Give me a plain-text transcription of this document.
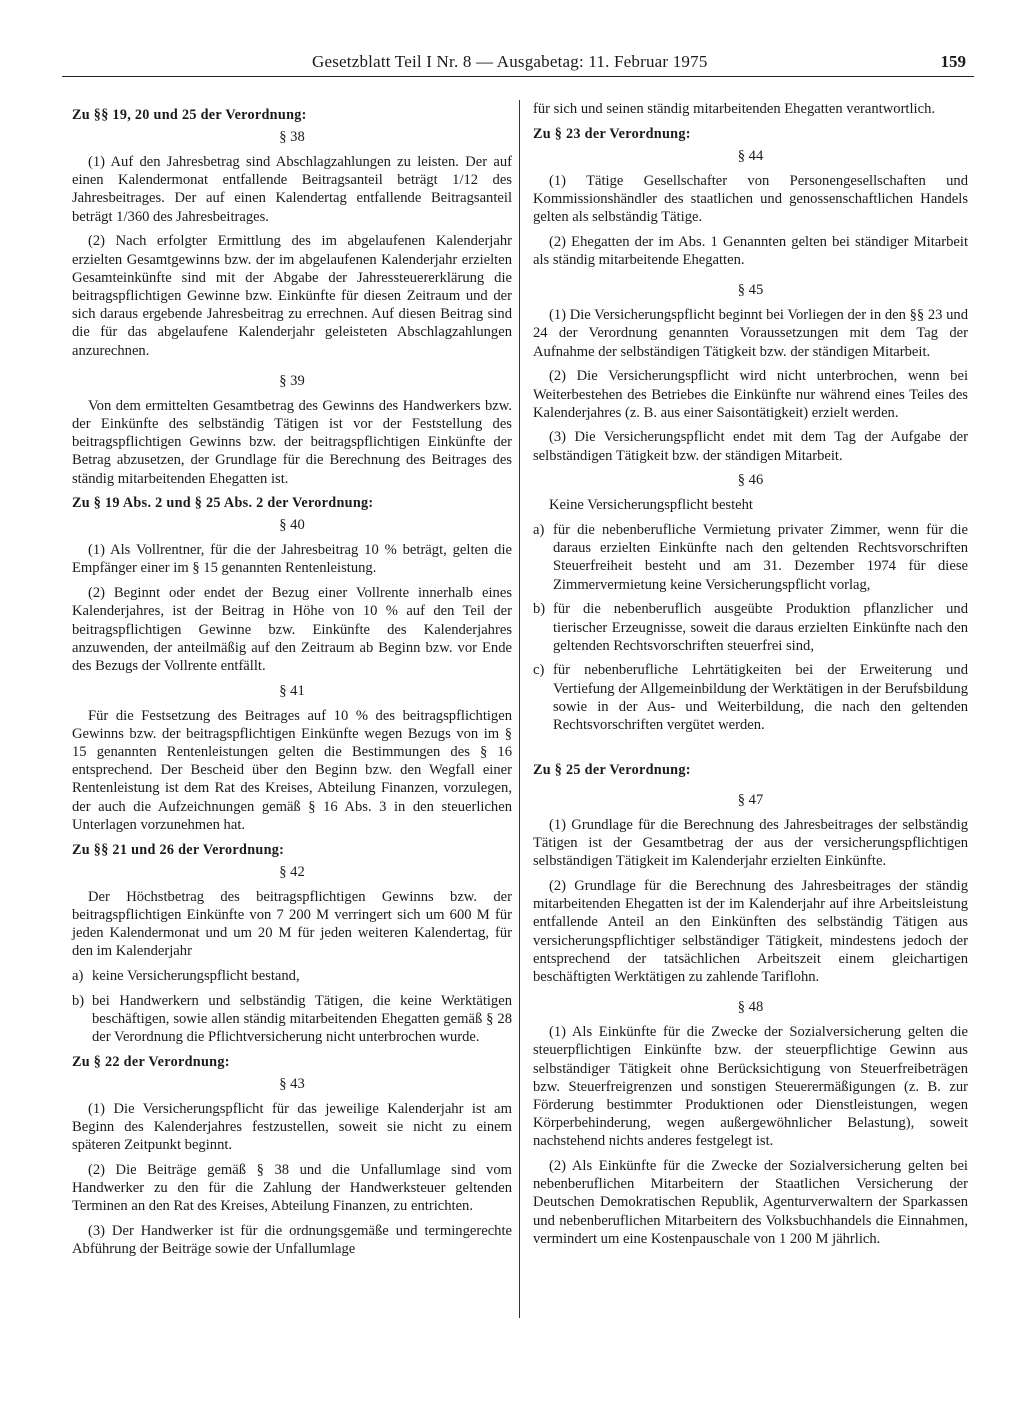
Gesetzblatt Teil I Nr. 8 — Ausgabetag: 11. Februar 1975	159
Zu §§ 19, 20 und 25 der Verordnung:
§ 38

(1) Auf den Jahresbetrag sind Abschlagzahlungen zu leisten. Der auf einen Kalendermonat entfallende Beitragsanteil beträgt 1/12 des Jahresbeitrages. Der auf einen Kalendertag entfallende Beitragsanteil beträgt 1/360 des Jahresbeitrages.

(2) Nach erfolgter Ermittlung des im abgelaufenen Kalenderjahr erzielten Gesamtgewinns bzw. der im abgelaufenen Kalenderjahr erzielten Gesamteinkünfte sind mit der Abgabe der Jahressteuererklärung die beitragspflichtigen Gewinne bzw. Einkünfte für diesen Zeitraum und der sich daraus ergebende Jahresbeitrag zu errechnen. Auf diesen Beitrag sind die für das abgelaufene Kalenderjahr geleisteten Abschlagzahlungen anzurechnen.

§ 39

Von dem ermittelten Gesamtbetrag des Gewinns des Handwerkers bzw. der Einkünfte des selbständig Tätigen ist vor der Feststellung des beitragspflichtigen Gewinns bzw. der beitragspflichtigen Einkünfte der Betrag abzusetzen, der Grundlage für die Berechnung des Beitrages des ständig mitarbeitenden Ehegatten ist.

Zu § 19 Abs. 2 und § 25 Abs. 2 der Verordnung:
§ 40

(1) Als Vollrentner, für die der Jahresbeitrag 10 % beträgt, gelten die Empfänger einer im § 15 genannten Rentenleistung.

(2) Beginnt oder endet der Bezug einer Vollrente innerhalb eines Kalenderjahres, ist der Beitrag in Höhe von 10 % auf den Teil der beitragspflichtigen Gewinne bzw. Einkünfte des Kalenderjahres anzuwenden, der anteilmäßig auf den Zeitraum ab Beginn bzw. vor Ende des Bezugs der Vollrente entfällt.

§ 41

Für die Festsetzung des Beitrages auf 10 % des beitragspflichtigen Gewinns bzw. der beitragspflichtigen Einkünfte wegen Bezugs von im § 15 genannten Rentenleistungen gelten die Bestimmungen des § 16 entsprechend. Der Bescheid über den Beginn bzw. den Wegfall einer Rentenleistung ist dem Rat des Kreises, Abteilung Finanzen, vorzulegen, der auch die Aufzeichnungen gemäß § 16 Abs. 3 in den steuerlichen Unterlagen vorzunehmen hat.

Zu §§ 21 und 26 der Verordnung:
§ 42

Der Höchstbetrag des beitragspflichtigen Gewinns bzw. der beitragspflichtigen Einkünfte von 7 200 M verringert sich um 600 M für jeden Kalendermonat und um 20 M für jeden weiteren Kalendertag, für den im Kalenderjahr

a) keine Versicherungspflicht bestand,
b) bei Handwerkern und selbständig Tätigen, die keine Werktätigen beschäftigen, sowie allen ständig mitarbeitenden Ehegatten gemäß § 28 der Verordnung die Pflichtversicherung nicht unterbrochen wurde.
Zu § 22 der Verordnung:
§ 43

(1) Die Versicherungspflicht für das jeweilige Kalenderjahr ist am Beginn des Kalenderjahres festzustellen, soweit sie nicht zu einem späteren Zeitpunkt beginnt.

(2) Die Beiträge gemäß § 38 und die Unfallumlage sind vom Handwerker zu den für die Zahlung der Handwerksteuer geltenden Terminen an den Rat des Kreises, Abteilung Finanzen, zu entrichten.

(3) Der Handwerker ist für die ordnungsgemäße und termingerechte Abführung der Beiträge sowie der Unfallumlage

für sich und seinen ständig mitarbeitenden Ehegatten verantwortlich.

Zu § 23 der Verordnung:
§ 44

(1) Tätige Gesellschafter von Personengesellschaften und Kommissionshändler des staatlichen und genossenschaftlichen Handels gelten als selbständig Tätige.

(2) Ehegatten der im Abs. 1 Genannten gelten bei ständiger Mitarbeit als ständig mitarbeitende Ehegatten.

§ 45

(1) Die Versicherungspflicht beginnt bei Vorliegen der in den §§ 23 und 24 der Verordnung genannten Voraussetzungen mit dem Tag der Aufnahme der selbständigen Tätigkeit bzw. der ständigen Mitarbeit.

(2) Die Versicherungspflicht wird nicht unterbrochen, wenn bei Weiterbestehen des Betriebes die Einkünfte nur während eines Teiles des Kalenderjahres (z. B. aus einer Saisontätigkeit) erzielt werden.

(3) Die Versicherungspflicht endet mit dem Tag der Aufgabe der selbständigen Tätigkeit bzw. der ständigen Mitarbeit.

§ 46

Keine Versicherungspflicht besteht

a) für die nebenberufliche Vermietung privater Zimmer, wenn für die daraus erzielten Einkünfte nach den geltenden Rechtsvorschriften Steuerfreiheit besteht und am 31. Dezember 1974 für diese Zimmervermietung keine Versicherungspflicht vorlag,
b) für die nebenberuflich ausgeübte Produktion pflanzlicher und tierischer Erzeugnisse, soweit die daraus erzielten Einkünfte nach den geltenden Rechtsvorschriften steuerfrei sind,
c) für nebenberufliche Lehrtätigkeiten bei der Erweiterung und Vertiefung der Allgemeinbildung der Werktätigen in der Berufsbildung sowie in der Aus- und Weiterbildung, die nach den geltenden Rechtsvorschriften vergütet werden.
Zu § 25 der Verordnung:
§ 47

(1) Grundlage für die Berechnung des Jahresbeitrages der selbständig Tätigen ist der Gesamtbetrag der aus der versicherungspflichtigen selbständigen Tätigkeit im Kalenderjahr erzielten Einkünfte.

(2) Grundlage für die Berechnung des Jahresbeitrages der ständig mitarbeitenden Ehegatten ist der im Kalenderjahr auf ihre Arbeitsleistung entfallende Anteil an den Einkünften des selbständig Tätigen aus versicherungspflichtiger selbständiger Tätigkeit, mindestens jedoch der entsprechend der tatsächlichen Arbeitszeit einem gleichartigen beschäftigten Werktätigen zu zahlende Tariflohn.

§ 48

(1) Als Einkünfte für die Zwecke der Sozialversicherung gelten die steuerpflichtigen Einkünfte bzw. der steuerpflichtige Gewinn aus selbständiger Tätigkeit ohne Berücksichtigung von Steuerfreibeträgen bzw. Steuerfreigrenzen und sonstigen Steuerermäßigungen (z. B. zur Förderung bestimmter Produktionen oder Dienstleistungen, wegen Körperbehinderung, wegen außergewöhnlicher Belastung), soweit nachstehend nichts anderes festgelegt ist.

(2) Als Einkünfte für die Zwecke der Sozialversicherung gelten bei nebenberuflichen Mitarbeitern der Staatlichen Versicherung der Deutschen Demokratischen Republik, Agenturverwaltern der Sparkassen und nebenberuflichen Mitarbeitern des Volksbuchhandels die Einnahmen, vermindert um eine Kostenpauschale von 1 200 M jährlich.
